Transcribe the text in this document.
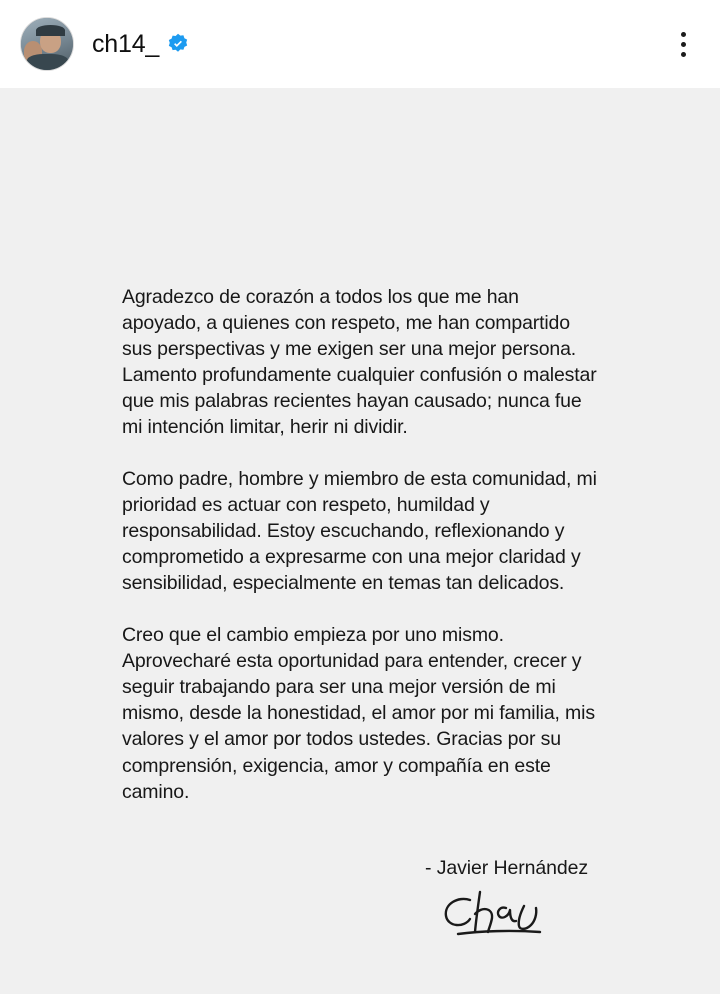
ch14_

Agradezco de corazón a todos los que me han apoyado, a quienes con respeto, me han compartido sus perspectivas y me exigen ser una mejor persona. Lamento profundamente cualquier confusión o malestar que mis palabras recientes hayan causado; nunca fue mi intención limitar, herir ni dividir.

Como padre, hombre y miembro de esta comunidad, mi prioridad es actuar con respeto, humildad y responsabilidad. Estoy escuchando, reflexionando y comprometido a expresarme con una mejor claridad y sensibilidad, especialmente en temas tan delicados.

Creo que el cambio empieza por uno mismo. Aprovecharé esta oportunidad para entender, crecer y seguir trabajando para ser una mejor versión de mi mismo, desde la honestidad, el amor por mi familia, mis valores y el amor por todos ustedes. Gracias por su comprensión, exigencia, amor y compañía en este camino.

- Javier Hernández
